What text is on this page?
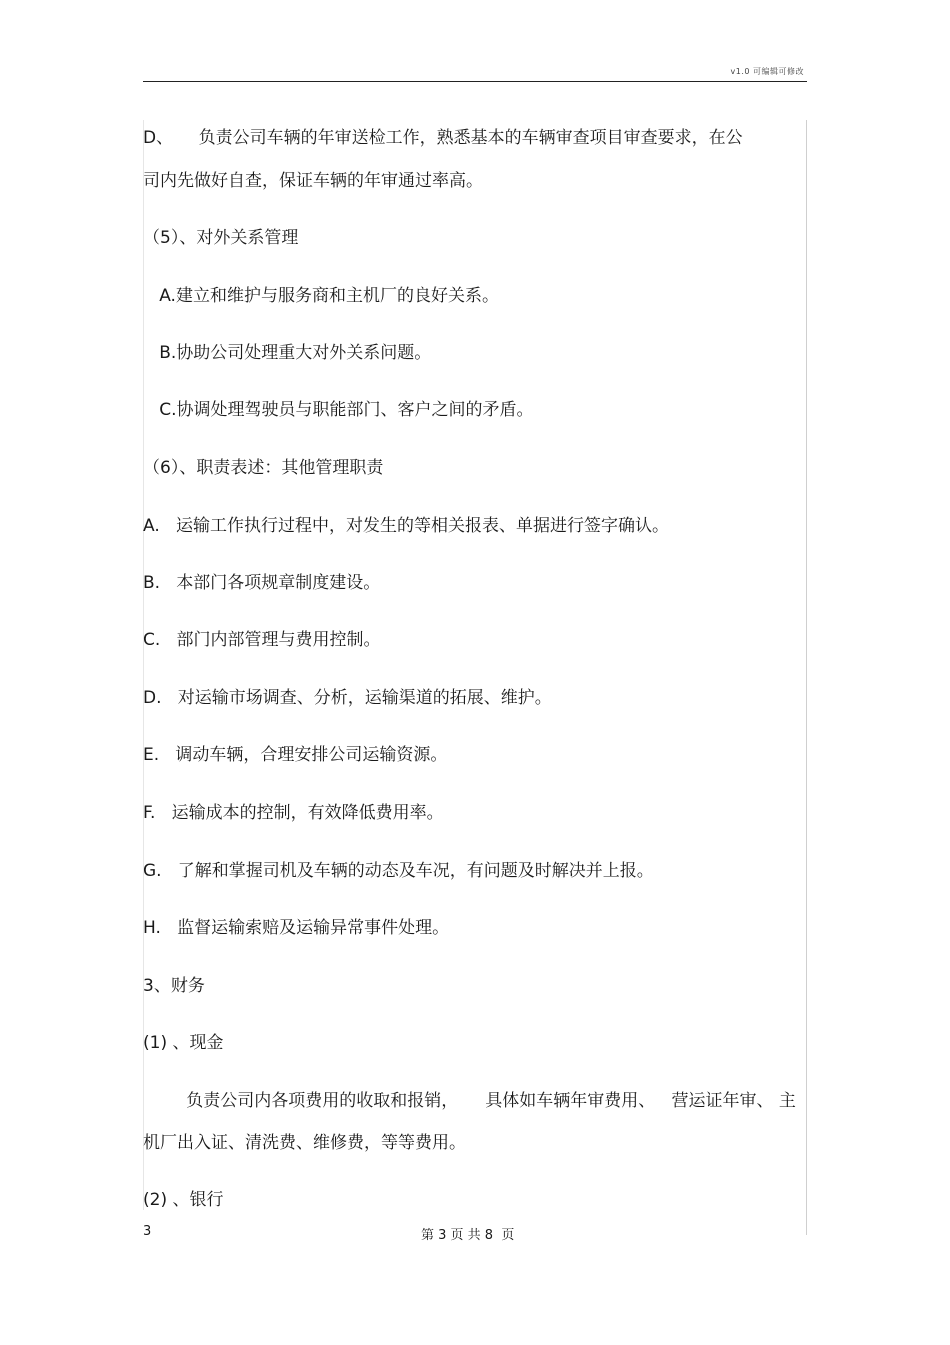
v1.0 可编辑可修改
D、　　负责公司车辆的年审送检工作，熟悉基本的车辆审查项目审查要求，在公
司内先做好自查，保证车辆的年审通过率高。
（5）、对外关系管理
A.建立和维护与服务商和主机厂的良好关系。
B.协助公司处理重大对外关系问题。
C.协调处理驾驶员与职能部门、客户之间的矛盾。
（6）、职责表述：其他管理职责
A.   运输工作执行过程中，对发生的等相关报表、单据进行签字确认。
B.   本部门各项规章制度建设。
C.   部门内部管理与费用控制。
D.   对运输市场调查、分析，运输渠道的拓展、维护。
E.   调动车辆，合理安排公司运输资源。
F.   运输成本的控制，有效降低费用率。
G.   了解和掌握司机及车辆的动态及车况，有问题及时解决并上报。
H.   监督运输索赔及运输异常事件处理。
3、财务
(1) 、现金
负责公司内各项费用的收取和报销，     具体如车辆年审费用、   营运证年审、 主
机厂出入证、清洗费、维修费，等等费用。
(2) 、银行
3	第 3 页 共 8  页
